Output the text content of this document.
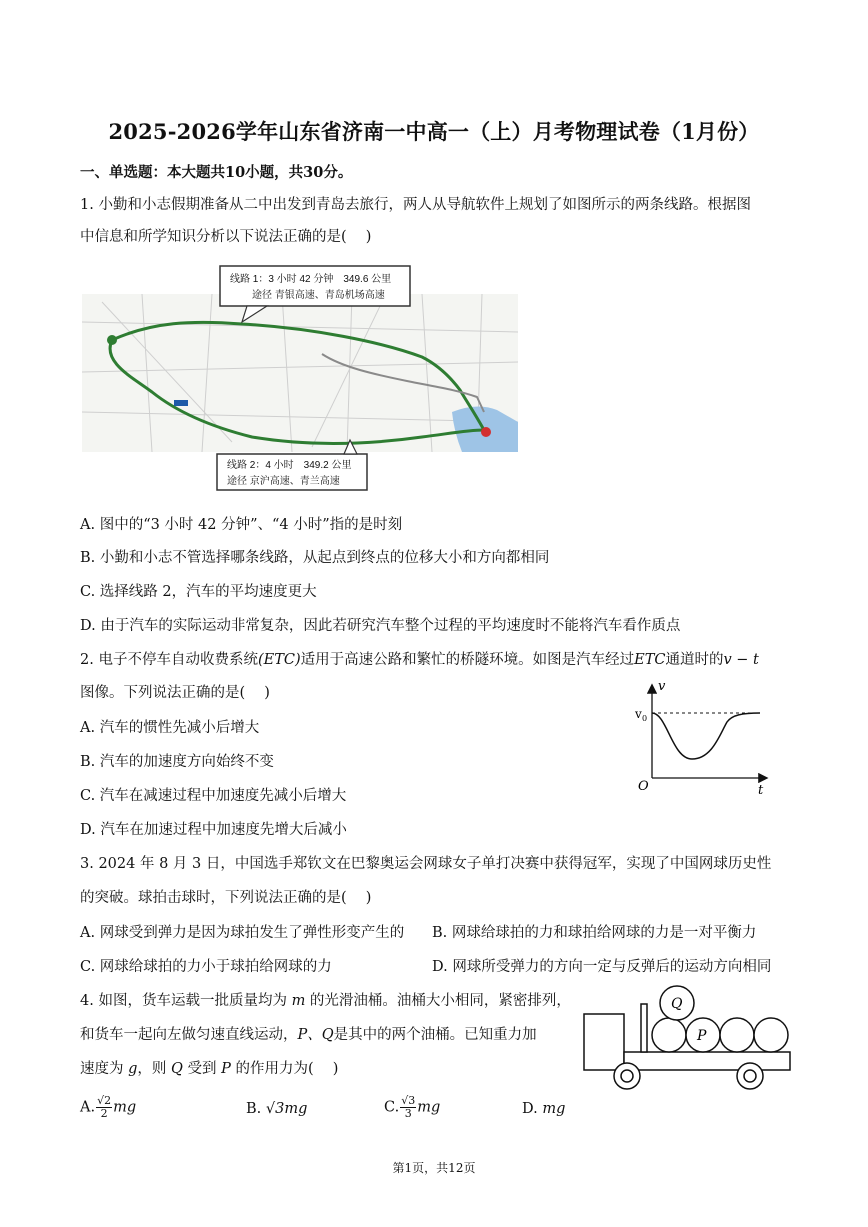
2025-2026学年山东省济南一中高一（上）月考物理试卷（1月份）
一、单选题：本大题共10小题，共30分。
1. 小勤和小志假期准备从二中出发到青岛去旅行，两人从导航软件上规划了如图所示的两条线路。根据图
中信息和所学知识分析以下说法正确的是(　 )
线路 1：3 小时 42 分钟　349.6 公里
途径 青银高速、青岛机场高速
线路 2：4 小时　349.2 公里
途径 京沪高速、青兰高速
A. 图中的“3 小时 42 分钟”、“4 小时”指的是时刻
B. 小勤和小志不管选择哪条线路，从起点到终点的位移大小和方向都相同
C. 选择线路 2，汽车的平均速度更大
D. 由于汽车的实际运动非常复杂，因此若研究汽车整个过程的平均速度时不能将汽车看作质点
2. 电子不停车自动收费系统(ETC)适用于高速公路和繁忙的桥隧环境。如图是汽车经过ETC通道时的v − t
图像。下列说法正确的是(　 )	v
v 0
O	t
A. 汽车的惯性先减小后增大
B. 汽车的加速度方向始终不变
C. 汽车在减速过程中加速度先减小后增大
D. 汽车在加速过程中加速度先增大后减小
3. 2024 年 8 月 3 日，中国选手郑钦文在巴黎奥运会网球女子单打决赛中获得冠军，实现了中国网球历史性
的突破。球拍击球时，下列说法正确的是(　 )
A. 网球受到弹力是因为球拍发生了弹性形变产生的 B. 网球给球拍的力和球拍给网球的力是一对平衡力
C. 网球给球拍的力小于球拍给网球的力	D. 网球所受弹力的方向一定与反弹后的运动方向相同
4. 如图，货车运载一批质量均为 m 的光滑油桶。油桶大小相同，紧密排列，
和货车一起向左做匀速直线运动，P、Q是其中的两个油桶。已知重力加
速度为 g，则 Q 受到 P 的作用力为(　 )
Q
P
A. $\frac{√2}{2}$ mg	B. √3mg	C. $\frac{√3}{3}$ mg	D. mg
第1页，共12页
